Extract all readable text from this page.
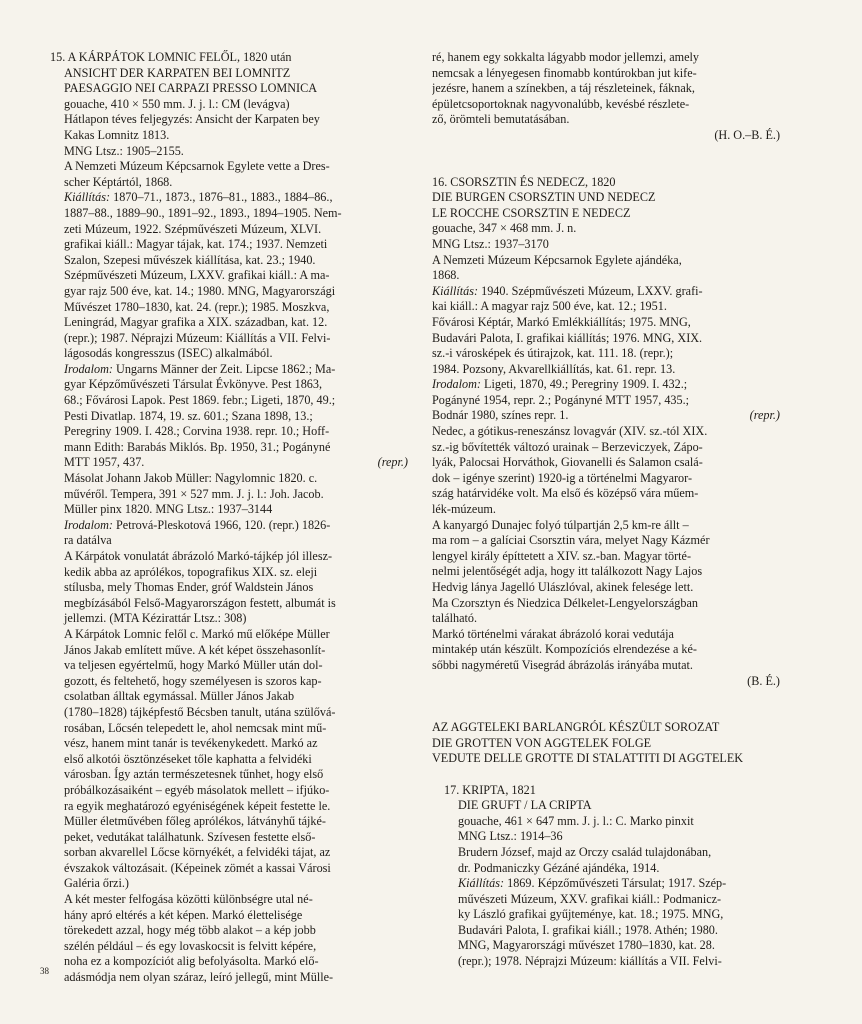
15. A KÁRPÁTOK LOMNIC FELŐL, 1820 után
ANSICHT DER KARPATEN BEI LOMNITZ
PAESAGGIO NEI CARPAZI PRESSO LOMNICA
gouache, 410 × 550 mm. J. j. l.: CM (levágva)
Hátlapon téves feljegyzés: Ansicht der Karpaten bey
Kakas Lomnitz 1813.
MNG Ltsz.: 1905–2155.
A Nemzeti Múzeum Képcsarnok Egylete vette a Dres-
scher Képtártól, 1868.
Kiállítás: 1870–71., 1873., 1876–81., 1883., 1884–86.,
1887–88., 1889–90., 1891–92., 1893., 1894–1905. Nem-
zeti Múzeum, 1922. Szépművészeti Múzeum, XLVI.
grafikai kiáll.: Magyar tájak, kat. 174.; 1937. Nemzeti
Szalon, Szepesi művészek kiállítása, kat. 23.; 1940.
Szépművészeti Múzeum, LXXV. grafikai kiáll.: A ma-
gyar rajz 500 éve, kat. 14.; 1980. MNG, Magyarországi
Művészet 1780–1830, kat. 24. (repr.); 1985. Moszkva,
Leningrád, Magyar grafika a XIX. században, kat. 12.
(repr.); 1987. Néprajzi Múzeum: Kiállítás a VII. Felvi-
lágosodás kongresszus (ISEC) alkalmából.
Irodalom: Ungarns Männer der Zeit. Lipcse 1862.; Ma-
gyar Képzőművészeti Társulat Évkönyve. Pest 1863,
68.; Fővárosi Lapok. Pest 1869. febr.; Ligeti, 1870, 49.;
Pesti Divatlap. 1874, 19. sz. 601.; Szana 1898, 13.;
Peregriny 1909. I. 428.; Corvina 1938. repr. 10.; Hoff-
mann Edith: Barabás Miklós. Bp. 1950, 31.; Pogányné
MTT 1957, 437.	(repr.)
Másolat Johann Jakob Müller: Nagylomnic 1820. c.
művéről. Tempera, 391 × 527 mm. J. j. l.: Joh. Jacob.
Müller pinx 1820. MNG Ltsz.: 1937–3144
Irodalom: Petrová-Pleskotová 1966, 120. (repr.) 1826-
ra datálva
A Kárpátok vonulatát ábrázoló Markó-tájkép jól illesz-
kedik abba az aprólékos, topografikus XIX. sz. eleji
stílusba, mely Thomas Ender, gróf Waldstein János
megbízásából Felső-Magyarországon festett, albumát is
jellemzi. (MTA Kézirattár Ltsz.: 308)
A Kárpátok Lomnic felől c. Markó mű előképe Müller
János Jakab említett műve. A két képet összehasonlít-
va teljesen egyértelmű, hogy Markó Müller után dol-
gozott, és feltehető, hogy személyesen is szoros kap-
csolatban álltak egymással. Müller János Jakab
(1780–1828) tájképfestő Bécsben tanult, utána szülővá-
rosában, Lőcsén telepedett le, ahol nemcsak mint mű-
vész, hanem mint tanár is tevékenykedett. Markó az
első alkotói ösztönzéseket tőle kaphatta a felvidéki
városban. Így aztán természetesnek tűnhet, hogy első
próbálkozásaiként – egyéb másolatok mellett – ifjúko-
ra egyik meghatározó egyéniségének képeit festette le.
Müller életművében főleg aprólékos, látványhű tájké-
peket, vedutákat találhatunk. Szívesen festette első-
sorban akvarellel Lőcse környékét, a felvidéki tájat, az
évszakok változásait. (Képeinek zömét a kassai Városi
Galéria őrzi.)
A két mester felfogása közötti különbségre utal né-
hány apró eltérés a két képen. Markó élettelisége
törekedett azzal, hogy még több alakot – a kép jobb
szélén például – és egy lovaskocsit is felvitt képére,
noha ez a kompozíciót alig befolyásolta. Markó elő-
adásmódja nem olyan száraz, leíró jellegű, mint Mülle-
ré, hanem egy sokkalta lágyabb modor jellemzi, amely
nemcsak a lényegesen finomabb kontúrokban jut kife-
jezésre, hanem a színekben, a táj részleteinek, fáknak,
épületcsoportoknak nagyvonalúbb, kevésbé részlete-
ző, örömteli bemutatásában.
(H. O.–B. É.)
16. CSORSZTIN ÉS NEDECZ, 1820
DIE BURGEN CSORSZTIN UND NEDECZ
LE ROCCHE CSORSZTIN E NEDECZ
gouache, 347 × 468 mm. J. n.
MNG Ltsz.: 1937–3170
A Nemzeti Múzeum Képcsarnok Egylete ajándéka,
1868.
Kiállítás: 1940. Szépművészeti Múzeum, LXXV. grafi-
kai kiáll.: A magyar rajz 500 éve, kat. 12.; 1951.
Fővárosi Képtár, Markó Emlékkiállítás; 1975. MNG,
Budavári Palota, I. grafikai kiállítás; 1976. MNG, XIX.
sz.-i városképek és útirajzok, kat. 111. 18. (repr.);
1984. Pozsony, Akvarellkiállítás, kat. 61. repr. 13.
Irodalom: Ligeti, 1870, 49.; Peregriny 1909. I. 432.;
Pogányné 1954, repr. 2.; Pogányné MTT 1957, 435.;
Bodnár 1980, színes repr. 1.	(repr.)
Nedec, a gótikus-reneszánsz lovagvár (XIV. sz.-tól XIX.
sz.-ig bővítették változó urainak – Berzeviczyek, Zápo-
lyák, Palocsai Horváthok, Giovanelli és Salamon csalá-
dok – igénye szerint) 1920-ig a történelmi Magyaror-
szág határvidéke volt. Ma első és középső vára műem-
lék-múzeum.
A kanyargó Dunajec folyó túlpartján 2,5 km-re állt –
ma rom – a galíciai Csorsztin vára, melyet Nagy Kázmér
lengyel király építtetett a XIV. sz.-ban. Magyar törté-
nelmi jelentőségét adja, hogy itt találkozott Nagy Lajos
Hedvig lánya Jagelló Ulászlóval, akinek felesége lett.
Ma Czorsztyn és Niedzica Délkelet-Lengyelországban
található.
Markó történelmi várakat ábrázoló korai vedutája
mintakép után készült. Kompozíciós elrendezése a ké-
sőbbi nagyméretű Visegrád ábrázolás irányába mutat.
(B. É.)
AZ AGGTELEKI BARLANGRÓL KÉSZÜLT SOROZAT
DIE GROTTEN VON AGGTELEK FOLGE
VEDUTE DELLE GROTTE DI STALATTITI DI AGGTELEK
17. KRIPTA, 1821
DIE GRUFT / LA CRIPTA
gouache, 461 × 647 mm. J. j. l.: C. Marko pinxit
MNG Ltsz.: 1914–36
Brudern József, majd az Orczy család tulajdonában,
dr. Podmaniczky Gézáné ajándéka, 1914.
Kiállítás: 1869. Képzőművészeti Társulat; 1917. Szép-
művészeti Múzeum, XXV. grafikai kiáll.: Podmanicz-
ky László grafikai gyűjteménye, kat. 18.; 1975. MNG,
Budavári Palota, I. grafikai kiáll.; 1978. Athén; 1980.
MNG, Magyarországi művészet 1780–1830, kat. 28.
(repr.); 1978. Néprajzi Múzeum: kiállítás a VII. Felvi-
38
